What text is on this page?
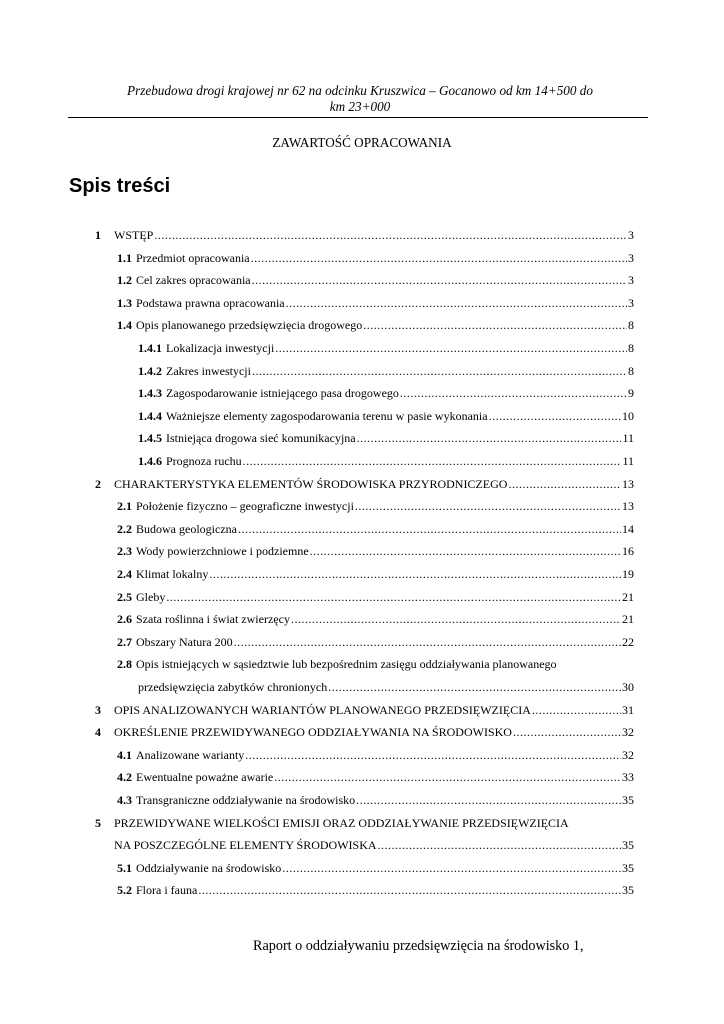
Przebudowa drogi krajowej nr 62 na odcinku Kruszwica – Gocanowo od km 14+500 do
km 23+000
ZAWARTOŚĆ OPRACOWANIA
Spis treści
1	WSTĘP .....	3
1.1 Przedmiot opracowania .....	3
1.2 Cel zakres opracowania .....	3
1.3 Podstawa prawna opracowania .....	3
1.4 Opis planowanego przedsięwzięcia drogowego .....	8
1.4.1 Lokalizacja inwestycji .....	8
1.4.2 Zakres inwestycji .....	8
1.4.3 Zagospodarowanie istniejącego pasa drogowego .....	9
1.4.4 Ważniejsze elementy zagospodarowania terenu w pasie wykonania .....	10
1.4.5 Istniejąca drogowa sieć komunikacyjna .....	11
1.4.6 Prognoza ruchu .....	11
2	CHARAKTERYSTYKA ELEMENTÓW ŚRODOWISKA PRZYRODNICZEGO .....	13
2.1 Położenie fizyczno – geograficzne inwestycji .....	13
2.2 Budowa geologiczna .....	14
2.3 Wody powierzchniowe i podziemne .....	16
2.4 Klimat lokalny .....	19
2.5 Gleby .....	21
2.6 Szata roślinna i świat zwierzęcy .....	21
2.7 Obszary Natura 200 .....	22
2.8 Opis istniejących w sąsiedztwie lub bezpośrednim zasięgu oddziaływania planowanego
przedsięwzięcia zabytków chronionych .....	30
3	OPIS ANALIZOWANYCH WARIANTÓW PLANOWANEGO PRZEDSIĘWZIĘCIA .....	31
4	OKREŚLENIE PRZEWIDYWANEGO ODDZIAŁYWANIA NA ŚRODOWISKO .....	32
4.1 Analizowane warianty .....	32
4.2 Ewentualne poważne awarie .....	33
4.3 Transgraniczne oddziaływanie na środowisko .....	35
5 PRZEWIDYWANE WIELKOŚCI EMISJI ORAZ ODDZIAŁYWANIE PRZEDSIĘWZIĘCIA
NA POSZCZEGÓLNE ELEMENTY ŚRODOWISKA .....	35
5.1 Oddziaływanie na środowisko .....	35
5.2 Flora i fauna .....	35
Raport o oddziaływaniu przedsięwzięcia na środowisko 1,
